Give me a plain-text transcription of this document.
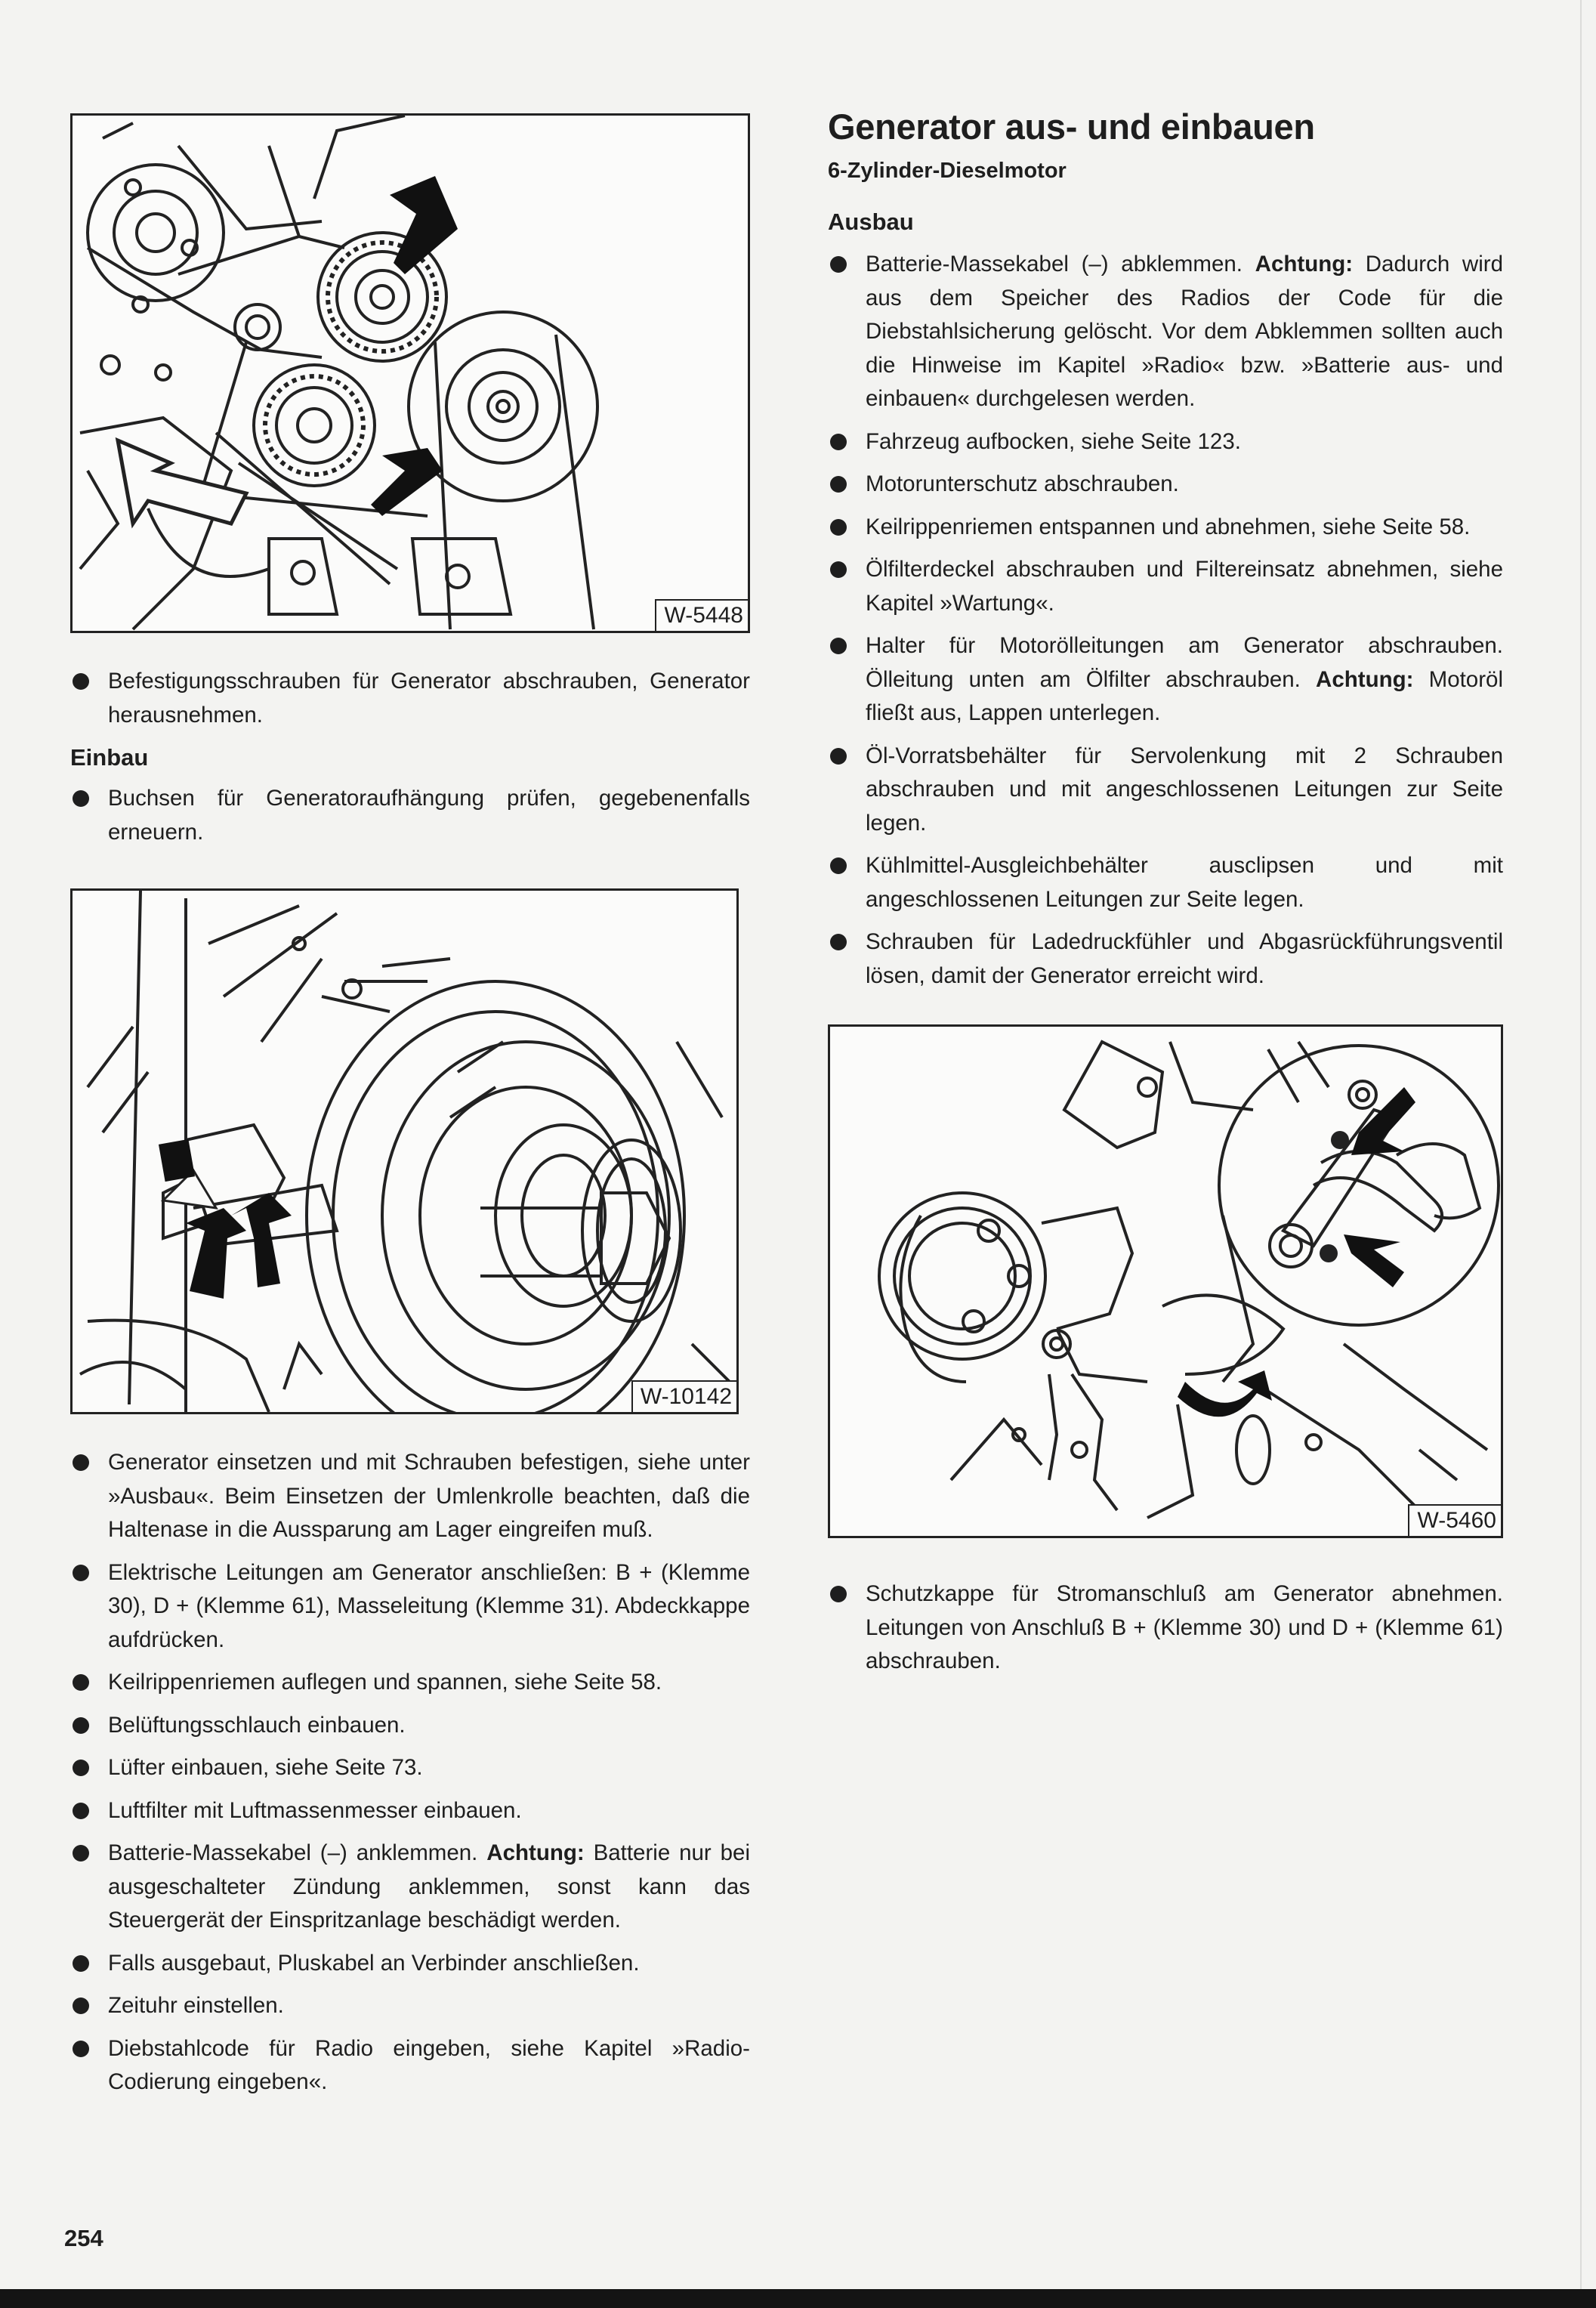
W-5448
Befestigungsschrauben für Generator abschrauben, Generator herausnehmen.

Einbau

Buchsen für Generatoraufhängung prüfen, gegebenenfalls erneuern.
W-10142
Generator einsetzen und mit Schrauben befestigen, siehe unter »Ausbau«. Beim Einsetzen der Umlenkrolle beachten, daß die Haltenase in die Aussparung am Lager eingreifen muß.
Elektrische Leitungen am Generator anschließen: B + (Klemme 30), D + (Klemme 61), Masseleitung (Klemme 31). Abdeckkappe aufdrücken.
Keilrippenriemen auflegen und spannen, siehe Seite 58.
Belüftungsschlauch einbauen.
Lüfter einbauen, siehe Seite 73.
Luftfilter mit Luftmassenmesser einbauen.
Batterie-Massekabel (–) anklemmen. Achtung: Batterie nur bei ausgeschalteter Zündung anklemmen, sonst kann das Steuergerät der Einspritzanlage beschädigt werden.
Falls ausgebaut, Pluskabel an Verbinder anschließen.
Zeituhr einstellen.
Diebstahlcode für Radio eingeben, siehe Kapitel »Radio-Codierung eingeben«.
Generator aus- und einbauen

6-Zylinder-Dieselmotor

Ausbau

Batterie-Massekabel (–) abklemmen. Achtung: Dadurch wird aus dem Speicher des Radios der Code für die Diebstahlsicherung gelöscht. Vor dem Abklemmen sollten auch die Hinweise im Kapitel »Radio« bzw. »Batterie aus- und einbauen« durchgelesen werden.
Fahrzeug aufbocken, siehe Seite 123.
Motorunterschutz abschrauben.
Keilrippenriemen entspannen und abnehmen, siehe Seite 58.
Ölfilterdeckel abschrauben und Filtereinsatz abnehmen, siehe Kapitel »Wartung«.
Halter für Motorölleitungen am Generator abschrauben. Ölleitung unten am Ölfilter abschrauben. Achtung: Motoröl fließt aus, Lappen unterlegen.
Öl-Vorratsbehälter für Servolenkung mit 2 Schrauben abschrauben und mit angeschlossenen Leitungen zur Seite legen.
Kühlmittel-Ausgleichbehälter ausclipsen und mit angeschlossenen Leitungen zur Seite legen.
Schrauben für Ladedruckfühler und Abgasrückführungsventil lösen, damit der Generator erreicht wird.
W-5460
Schutzkappe für Stromanschluß am Generator abnehmen. Leitungen von Anschluß B + (Klemme 30) und D + (Klemme 61) abschrauben.
254
